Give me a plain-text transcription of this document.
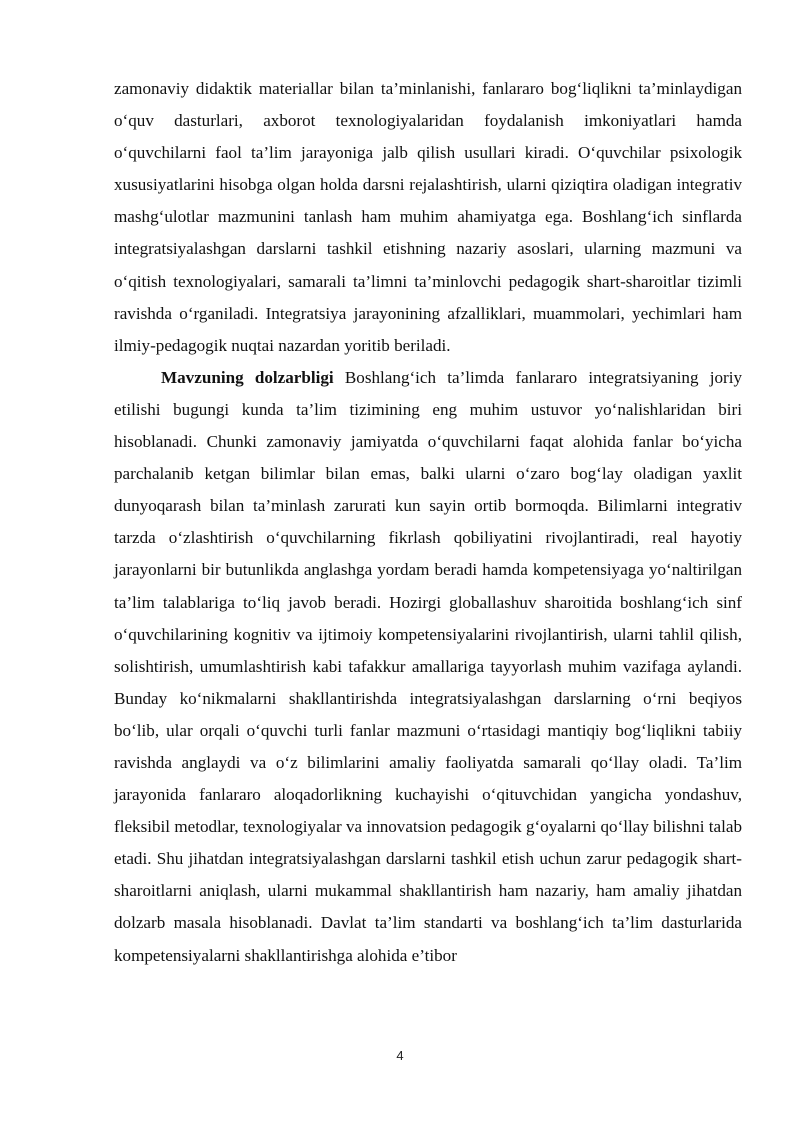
zamonaviy didaktik materiallar bilan ta’minlanishi, fanlararo bog‘liqlikni ta’minlaydigan o‘quv dasturlari, axborot texnologiyalaridan foydalanish imkoniyatlari hamda o‘quvchilarni faol ta’lim jarayoniga jalb qilish usullari kiradi. O‘quvchilar psixologik xususiyatlarini hisobga olgan holda darsni rejalashtirish, ularni qiziqtira oladigan integrativ mashg‘ulotlar mazmunini tanlash ham muhim ahamiyatga ega. Boshlang‘ich sinflarda integratsiyalashgan darslarni tashkil etishning nazariy asoslari, ularning mazmuni va o‘qitish texnologiyalari, samarali ta’limni ta’minlovchi pedagogik shart-sharoitlar tizimli ravishda o‘rganiladi. Integratsiya jarayonining afzalliklari, muammolari, yechimlari ham ilmiy-pedagogik nuqtai nazardan yoritib beriladi.

Mavzuning dolzarbligi Boshlang‘ich ta’limda fanlararo integratsiyaning joriy etilishi bugungi kunda ta’lim tizimining eng muhim ustuvor yo‘nalishlaridan biri hisoblanadi. Chunki zamonaviy jamiyatda o‘quvchilarni faqat alohida fanlar bo‘yicha parchalanib ketgan bilimlar bilan emas, balki ularni o‘zaro bog‘lay oladigan yaxlit dunyoqarash bilan ta’minlash zarurati kun sayin ortib bormoqda. Bilimlarni integrativ tarzda o‘zlashtirish o‘quvchilarning fikrlash qobiliyatini rivojlantiradi, real hayotiy jarayonlarni bir butunlikda anglashga yordam beradi hamda kompetensiyaga yo‘naltirilgan ta’lim talablariga to‘liq javob beradi. Hozirgi globallashuv sharoitida boshlang‘ich sinf o‘quvchilarining kognitiv va ijtimoiy kompetensiyalarini rivojlantirish, ularni tahlil qilish, solishtirish, umumlashtirish kabi tafakkur amallariga tayyorlash muhim vazifaga aylandi. Bunday ko‘nikmalarni shakllantirishda integratsiyalashgan darslarning o‘rni beqiyos bo‘lib, ular orqali o‘quvchi turli fanlar mazmuni o‘rtasidagi mantiqiy bog‘liqlikni tabiiy ravishda anglaydi va o‘z bilimlarini amaliy faoliyatda samarali qo‘llay oladi. Ta’lim jarayonida fanlararo aloqadorlikning kuchayishi o‘qituvchidan yangicha yondashuv, fleksibil metodlar, texnologiyalar va innovatsion pedagogik g‘oyalarni qo‘llay bilishni talab etadi. Shu jihatdan integratsiyalashgan darslarni tashkil etish uchun zarur pedagogik shart-sharoitlarni aniqlash, ularni mukammal shakllantirish ham nazariy, ham amaliy jihatdan dolzarb masala hisoblanadi. Davlat ta’lim standarti va boshlang‘ich ta’lim dasturlarida kompetensiyalarni shakllantirishga alohida e’tibor

4
